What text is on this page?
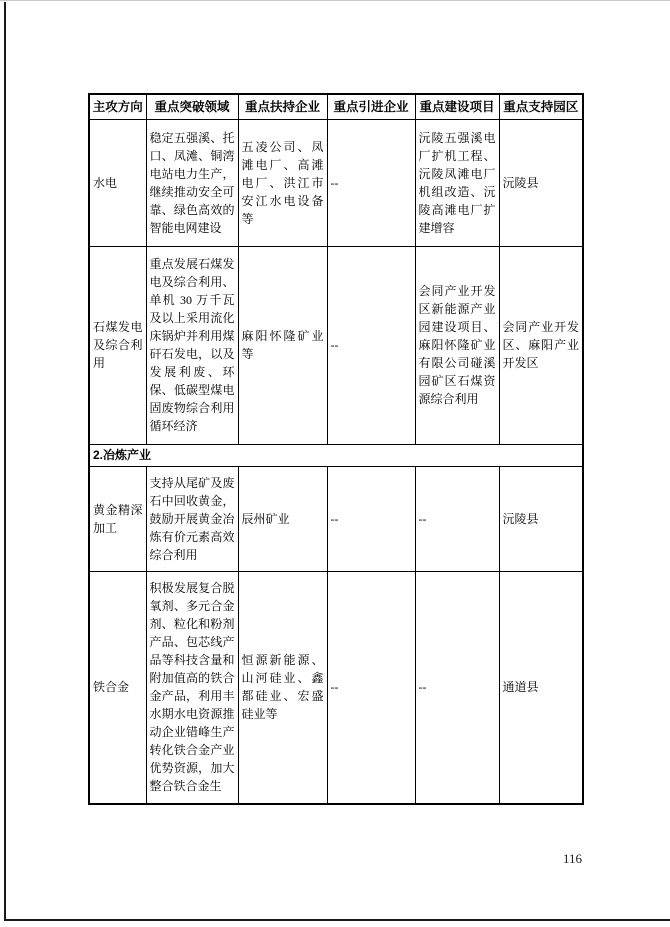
主攻方向	重点突破领域	重点扶持企业	重点引进企业	重点建设项目	重点支持园区

水电	稳定五强溪、托口、凤滩、铜湾电站电力生产，继续推动安全可靠、绿色高效的智能电网建设	五凌公司、凤滩电厂、高滩电厂、洪江市安江水电设备等	--	沅陵五强溪电厂扩机工程、沅陵凤滩电厂机组改造、沅陵高滩电厂扩建增容	沅陵县

石煤发电及综合利用	重点发展石煤发电及综合利用、单机 30 万千瓦及以上采用流化床锅炉并利用煤矸石发电，以及发展利废、环保、低碳型煤电固废物综合利用循环经济	麻阳怀隆矿业等	--	会同产业开发区新能源产业园建设项目、麻阳怀隆矿业有限公司碰溪园矿区石煤资源综合利用	会同产业开发区、麻阳产业开发区

2.冶炼产业					

黄金精深加工	支持从尾矿及废石中回收黄金，鼓励开展黄金冶炼有价元素高效综合利用	辰州矿业	--	--	沅陵县

铁合金	积极发展复合脱氧剂、多元合金剂、粒化和粉剂产品、包芯线产品等科技含量和附加值高的铁合金产品，利用丰水期水电资源推动企业错峰生产转化铁合金产业优势资源，加大整合铁合金生	恒源新能源、山河硅业、鑫都硅业、宏盛硅业等	--	--	通道县
116
